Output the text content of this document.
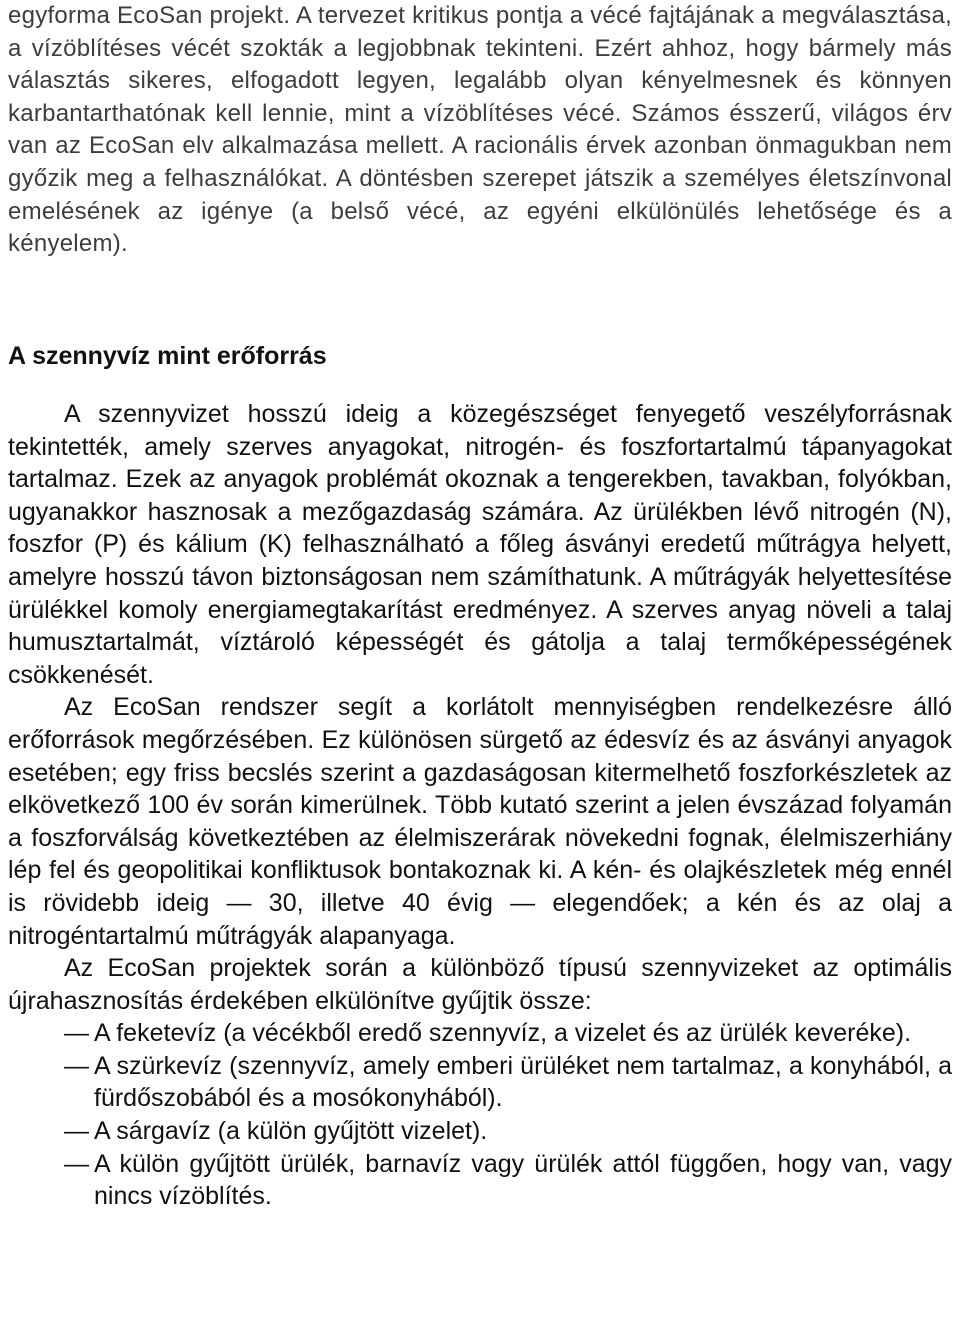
egyforma EcoSan projekt. A tervezet kritikus pontja a vécé fajtájának a megválasztása, a vízöblítéses vécét szokták a legjobbnak tekinteni. Ezért ahhoz, hogy bármely más választás sikeres, elfogadott legyen, legalább olyan kényelmesnek és könnyen karbantarthatónak kell lennie, mint a vízöblítéses vécé. Számos ésszerű, világos érv van az EcoSan elv alkalmazása mellett. A racionális érvek azonban önmagukban nem győzik meg a felhasználókat. A döntésben szerepet játszik a személyes életszínvonal emelésének az igénye (a belső vécé, az egyéni elkülönülés lehetősége és a kényelem).

A szennyvíz mint erőforrás

A szennyvizet hosszú ideig a közegészséget fenyegető veszélyforrásnak tekintették, amely szerves anyagokat, nitrogén- és foszfortartalmú tápanyagokat tartalmaz. Ezek az anyagok problémát okoznak a tengerekben, tavakban, folyókban, ugyanakkor hasznosak a mezőgazdaság számára. Az ürülékben lévő nitrogén (N), foszfor (P) és kálium (K) felhasználható a főleg ásványi eredetű műtrágya helyett, amelyre hosszú távon biztonságosan nem számíthatunk. A műtrágyák helyettesítése ürülékkel komoly energiamegtakarítást eredményez. A szerves anyag növeli a talaj humusztartalmát, víztároló képességét és gátolja a talaj termőképességének csökkenését.

Az EcoSan rendszer segít a korlátolt mennyiségben rendelkezésre álló erőforrások megőrzésében. Ez különösen sürgető az édesvíz és az ásványi anyagok esetében; egy friss becslés szerint a gazdaságosan kitermelhető foszforkészletek az elkövetkező 100 év során kimerülnek. Több kutató szerint a jelen évszázad folyamán a foszforválság következtében az élelmiszerárak növekedni fognak, élelmiszerhiány lép fel és geopolitikai konfliktusok bontakoznak ki. A kén- és olajkészletek még ennél is rövidebb ideig — 30, illetve 40 évig — elegendőek; a kén és az olaj a nitrogéntartalmú műtrágyák alapanyaga.

Az EcoSan projektek során a különböző típusú szennyvizeket az optimális újrahasznosítás érdekében elkülönítve gyűjtik össze:

— A feketevíz (a vécékből eredő szennyvíz, a vizelet és az ürülék keveréke).
— A szürkevíz (szennyvíz, amely emberi ürüléket nem tartalmaz, a konyhából, a fürdőszobából és a mosókonyhából).
— A sárgavíz (a külön gyűjtött vizelet).
— A külön gyűjtött ürülék, barnavíz vagy ürülék attól függően, hogy van, vagy nincs vízöblítés.
